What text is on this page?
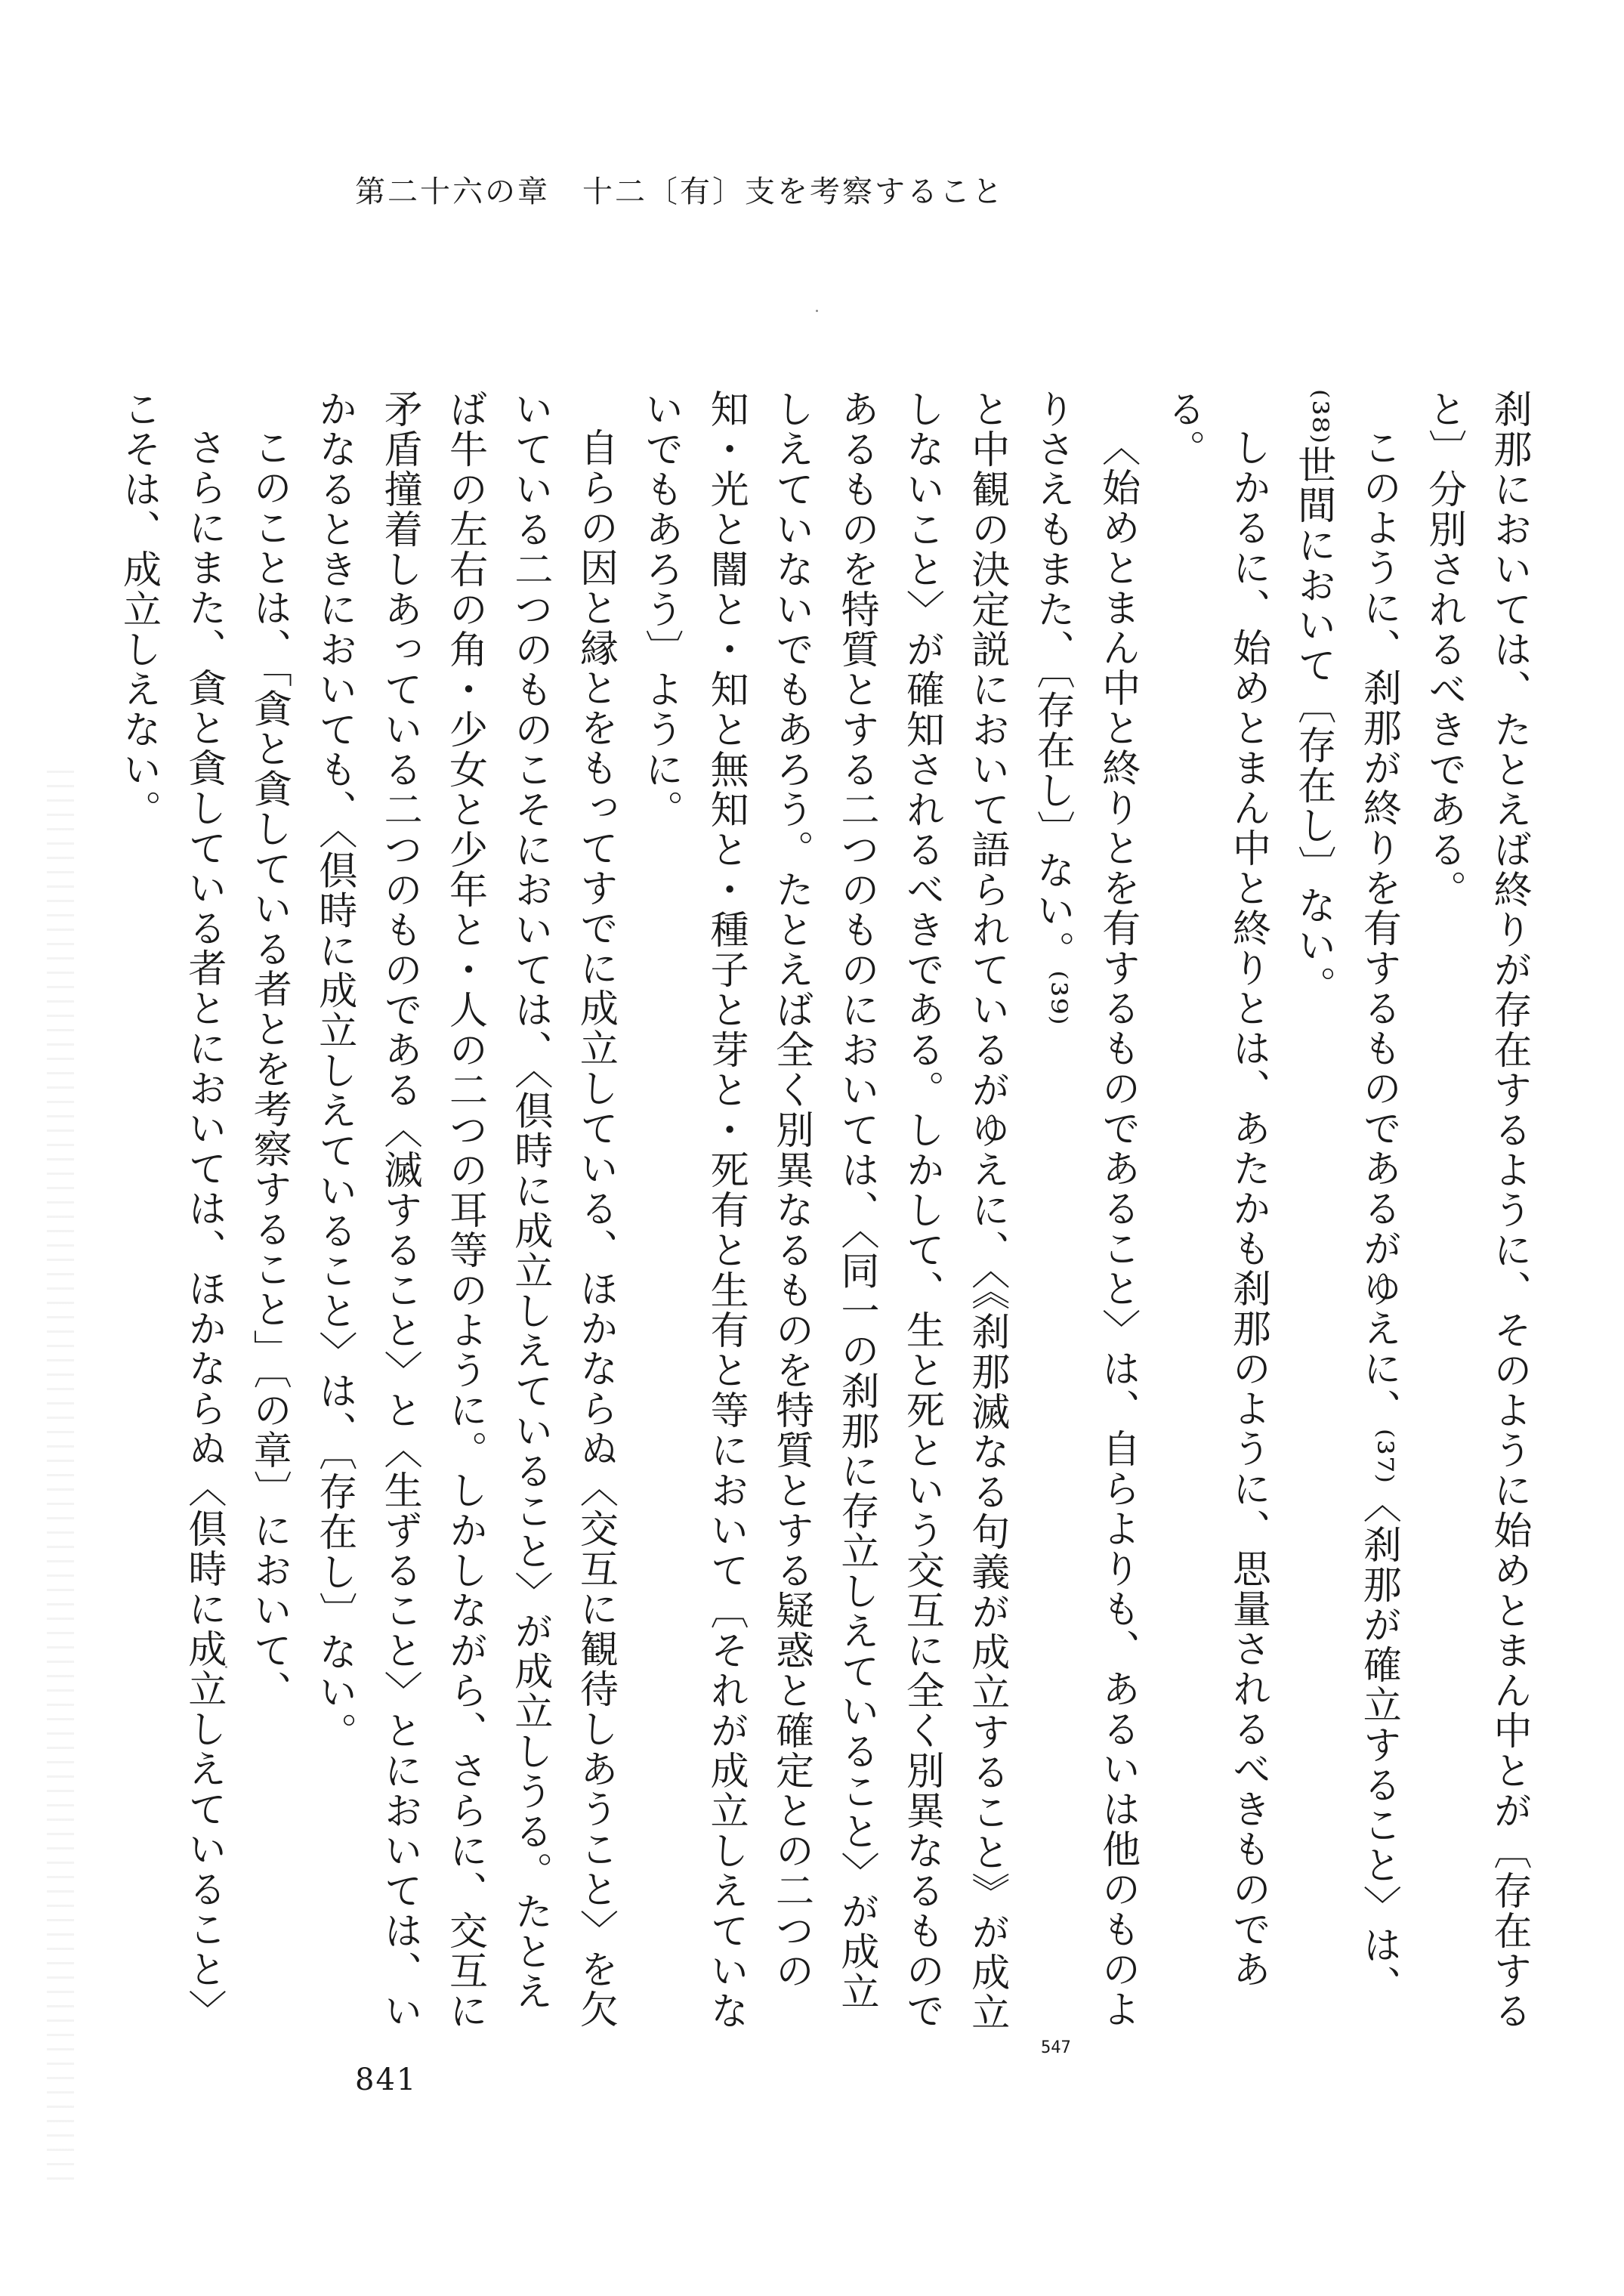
第二十六の章　十二〔有〕支を考察すること

刹那においては、たとえば終りが存在するように、そのように始めとまん中とが〔存在すると〕分別されるべきである。

このように、刹那が終りを有するものであるがゆえに、⁽³⁷⁾〈刹那が確立すること〉は、⁽³⁸⁾世間において〔存在し〕ない。

しかるに、始めとまん中と終りとは、あたかも刹那のように、思量されるべきものである。

〈始めとまん中と終りとを有するものであること〉は、自らよりも、あるいは他のものよりさえもまた、〔存在し〕ない。⁽³⁹⁾

と中観の決定説において語られているがゆえに、〈《刹那滅なる句義が成立すること》が成立しないこと〉が確知されるべきである。しかして、生と死という交互に全く別異なるものであるものを特質とする二つのものにおいては、〈同一の刹那に存立しえていること〉が成立しえていないでもあろう。たとえば全く別異なるものを特質とする疑惑と確定との二つの知・光と闇と・知と無知と・種子と芽と・死有と生有と等において〔それが成立しえていないでもあろう〕ように。

自らの因と縁とをもってすでに成立している、ほかならぬ〈交互に観待しあうこと〉を欠いている二つのものこそにおいては、〈倶時に成立しえていること〉が成立しうる。たとえば牛の左右の角・少女と少年と・人の二つの耳等のように。しかしながら、さらに、交互に矛盾撞着しあっている二つのものである〈滅すること〉と〈生ずること〉とにおいては、いかなるときにおいても、〈倶時に成立しえていること〉は、〔存在し〕ない。

このことは、「貪と貪している者とを考察すること」〔の章〕において、

さらにまた、貪と貪している者とにおいては、ほかならぬ〈倶時に成立しえていること〉こそは、成立しえない。

547
841
